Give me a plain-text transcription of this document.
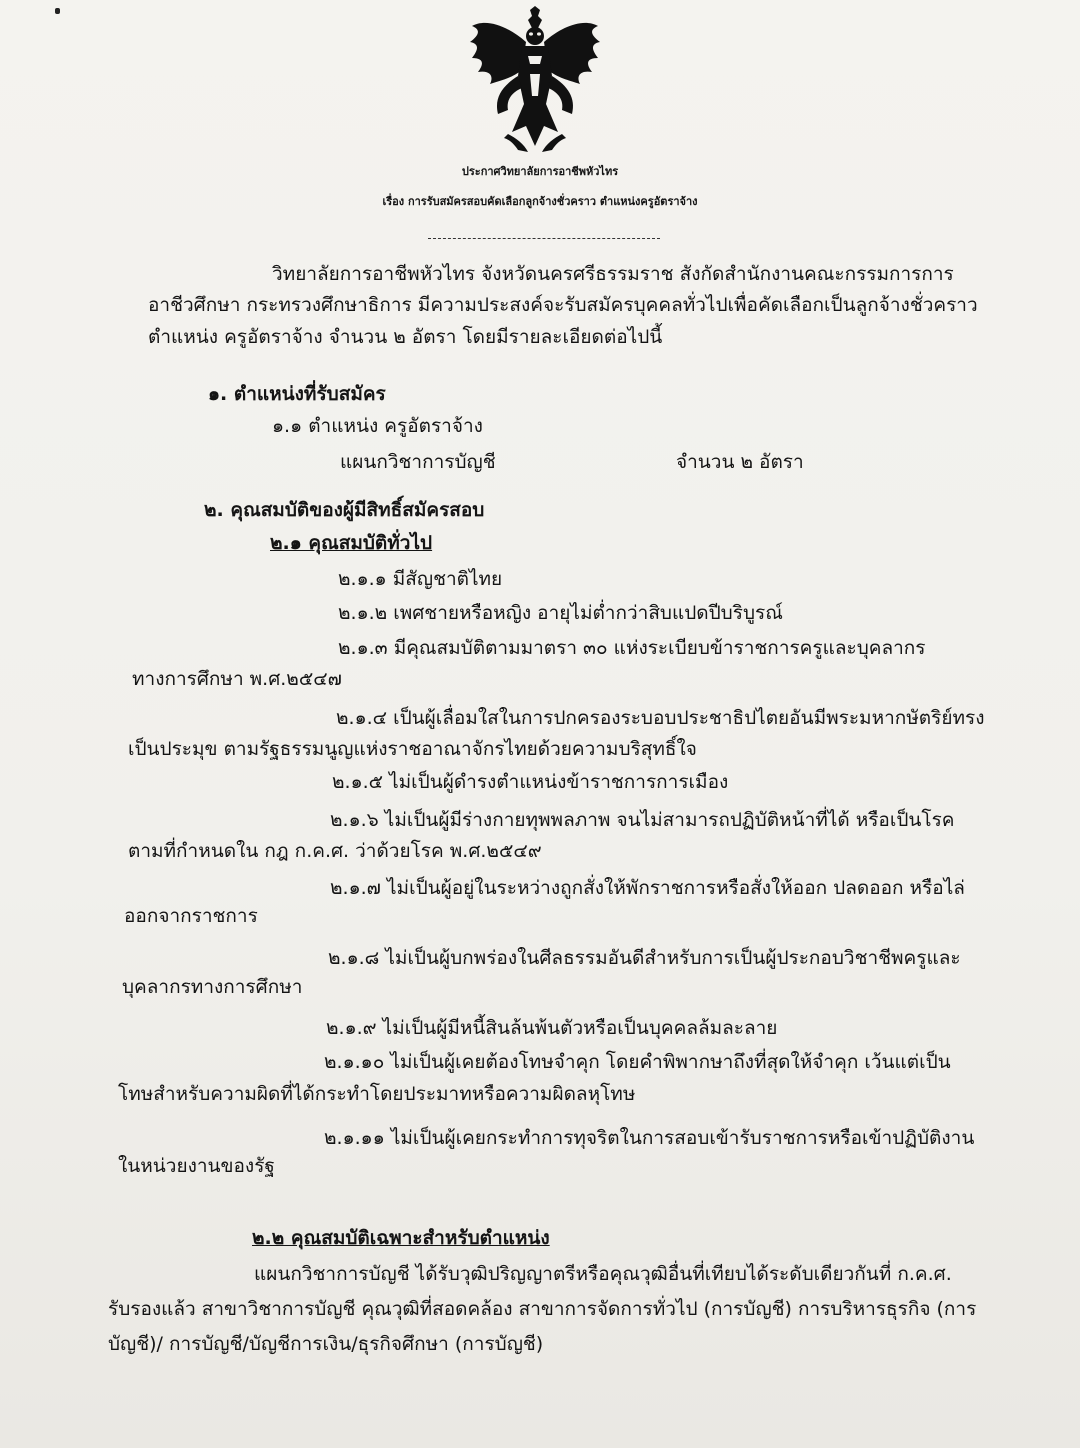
ประกาศวิทยาลัยการอาชีพหัวไทร
เรื่อง การรับสมัครสอบคัดเลือกลูกจ้างชั่วคราว ตำแหน่งครูอัตราจ้าง
วิทยาลัยการอาชีพหัวไทร จังหวัดนครศรีธรรมราช สังกัดสำนักงานคณะกรรมการการ
อาชีวศึกษา กระทรวงศึกษาธิการ มีความประสงค์จะรับสมัครบุคคลทั่วไปเพื่อคัดเลือกเป็นลูกจ้างชั่วคราว
ตำแหน่ง ครูอัตราจ้าง จำนวน ๒ อัตรา โดยมีรายละเอียดต่อไปนี้
๑. ตำแหน่งที่รับสมัคร
๑.๑ ตำแหน่ง ครูอัตราจ้าง
แผนกวิชาการบัญชี	จำนวน ๒ อัตรา
๒. คุณสมบัติของผู้มีสิทธิ์สมัครสอบ
๒.๑ คุณสมบัติทั่วไป
๒.๑.๑ มีสัญชาติไทย
๒.๑.๒ เพศชายหรือหญิง อายุไม่ต่ำกว่าสิบแปดปีบริบูรณ์
๒.๑.๓ มีคุณสมบัติตามมาตรา ๓๐ แห่งระเบียบข้าราชการครูและบุคลากร
ทางการศึกษา พ.ศ.๒๕๔๗
๒.๑.๔ เป็นผู้เลื่อมใสในการปกครองระบอบประชาธิปไตยอันมีพระมหากษัตริย์ทรง
เป็นประมุข ตามรัฐธรรมนูญแห่งราชอาณาจักรไทยด้วยความบริสุทธิ์ใจ
๒.๑.๕ ไม่เป็นผู้ดำรงตำแหน่งข้าราชการการเมือง
๒.๑.๖ ไม่เป็นผู้มีร่างกายทุพพลภาพ จนไม่สามารถปฏิบัติหน้าที่ได้ หรือเป็นโรค
ตามที่กำหนดใน กฎ ก.ค.ศ. ว่าด้วยโรค พ.ศ.๒๕๔๙
๒.๑.๗ ไม่เป็นผู้อยู่ในระหว่างถูกสั่งให้พักราชการหรือสั่งให้ออก ปลดออก หรือไล่
ออกจากราชการ
๒.๑.๘ ไม่เป็นผู้บกพร่องในศีลธรรมอันดีสำหรับการเป็นผู้ประกอบวิชาชีพครูและ
บุคลากรทางการศึกษา
๒.๑.๙ ไม่เป็นผู้มีหนี้สินล้นพ้นตัวหรือเป็นบุคคลล้มละลาย
๒.๑.๑๐ ไม่เป็นผู้เคยต้องโทษจำคุก โดยคำพิพากษาถึงที่สุดให้จำคุก เว้นแต่เป็น
โทษสำหรับความผิดที่ได้กระทำโดยประมาทหรือความผิดลหุโทษ
๒.๑.๑๑ ไม่เป็นผู้เคยกระทำการทุจริตในการสอบเข้ารับราชการหรือเข้าปฏิบัติงาน
ในหน่วยงานของรัฐ
๒.๒ คุณสมบัติเฉพาะสำหรับตำแหน่ง
แผนกวิชาการบัญชี ได้รับวุฒิปริญญาตรีหรือคุณวุฒิอื่นที่เทียบได้ระดับเดียวกันที่ ก.ค.ศ.
รับรองแล้ว สาขาวิชาการบัญชี คุณวุฒิที่สอดคล้อง สาขาการจัดการทั่วไป (การบัญชี) การบริหารธุรกิจ (การ
บัญชี)/ การบัญชี/บัญชีการเงิน/ธุรกิจศึกษา (การบัญชี)
